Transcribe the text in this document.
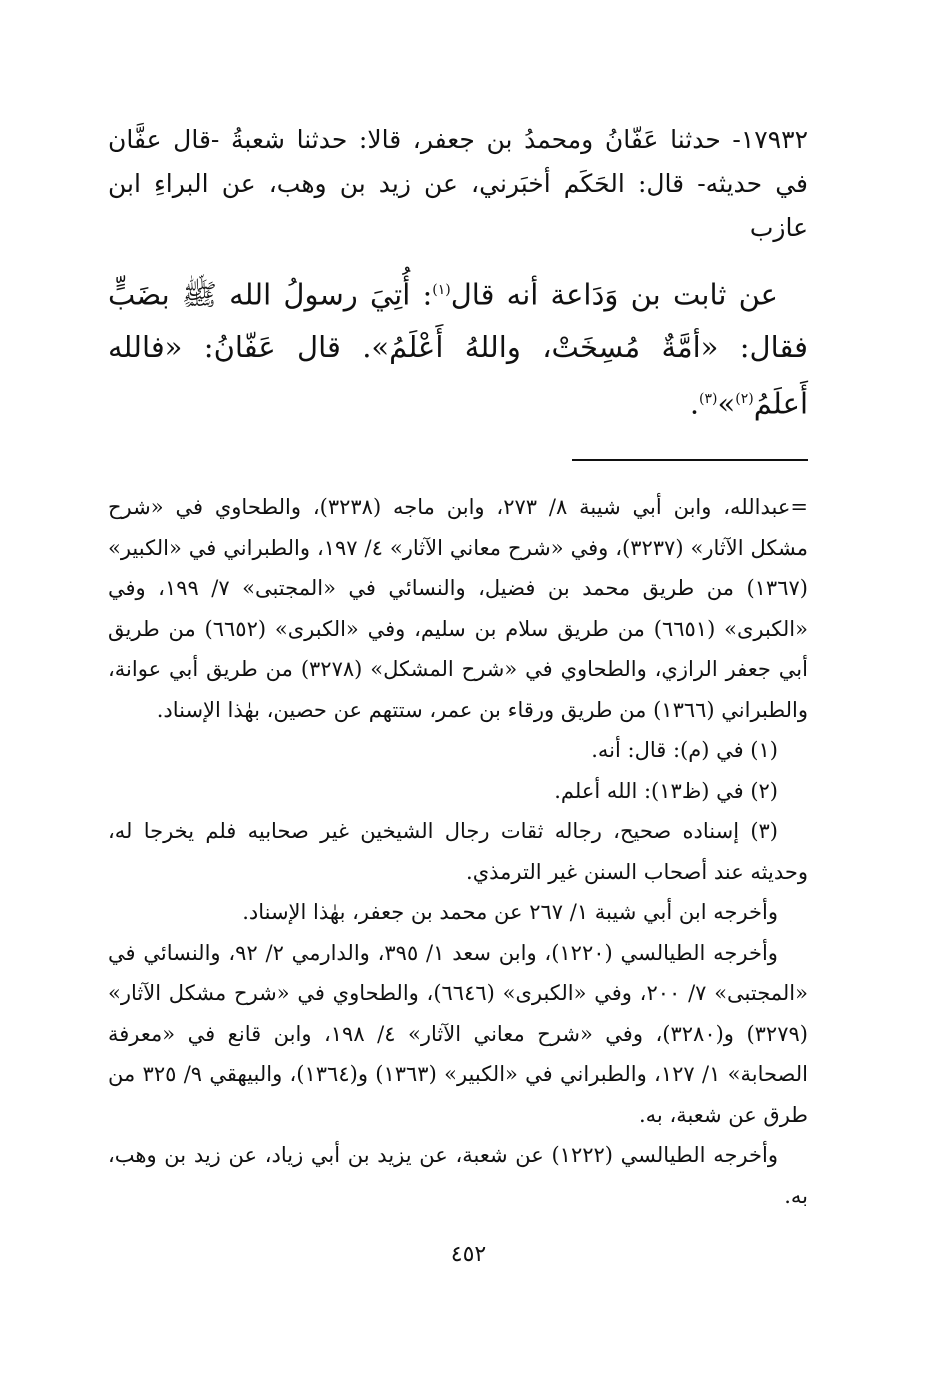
١٧٩٣٢- حدثنا عَفّانُ ومحمدُ بن جعفر، قالا: حدثنا شعبةُ -قال عفَّان في حديثه- قال: الحَكَم أخبَرني، عن زيد بن وهب، عن البراءِ ابن عازب

عن ثابت بن وَدَاعة أنه قال$^{(١)}$: أُتِيَ رسولُ الله ﷺ بضَبٍّ فقال: «أمَّةٌ مُسِخَتْ، واللهُ أَعْلَمُ». قال عَفّانُ: «فالله أَعلَمُ$^{(٢)}$»$^{(٣)}$.

=عبدالله، وابن أبي شيبة ٨/ ٢٧٣، وابن ماجه (٣٢٣٨)، والطحاوي في «شرح مشكل الآثار» (٣٢٣٧)، وفي «شرح معاني الآثار» ٤/ ١٩٧، والطبراني في «الكبير» (١٣٦٧) من طريق محمد بن فضيل، والنسائي في «المجتبى» ٧/ ١٩٩، وفي «الكبرى» (٦٦٥١) من طريق سلام بن سليم، وفي «الكبرى» (٦٦٥٢) من طريق أبي جعفر الرازي، والطحاوي في «شرح المشكل» (٣٢٧٨) من طريق أبي عوانة، والطبراني (١٣٦٦) من طريق ورقاء بن عمر، ستتهم عن حصين، بهٰذا الإسناد.

(١) في (م): قال: أنه.

(٢) في (ظ١٣): الله أعلم.

(٣) إسناده صحيح، رجاله ثقات رجال الشيخين غير صحابيه فلم يخرجا له، وحديثه عند أصحاب السنن غير الترمذي.

وأخرجه ابن أبي شيبة ١/ ٢٦٧ عن محمد بن جعفر، بهٰذا الإسناد.

وأخرجه الطيالسي (١٢٢٠)، وابن سعد ١/ ٣٩٥، والدارمي ٢/ ٩٢، والنسائي في «المجتبى» ٧/ ٢٠٠، وفي «الكبرى» (٦٦٤٦)، والطحاوي في «شرح مشكل الآثار» (٣٢٧٩) و(٣٢٨٠)، وفي «شرح معاني الآثار» ٤/ ١٩٨، وابن قانع في «معرفة الصحابة» ١/ ١٢٧، والطبراني في «الكبير» (١٣٦٣) و(١٣٦٤)، والبيهقي ٩/ ٣٢٥ من طرق عن شعبة، به.

وأخرجه الطيالسي (١٢٢٢) عن شعبة، عن يزيد بن أبي زياد، عن زيد بن وهب، به.

٤٥٢
